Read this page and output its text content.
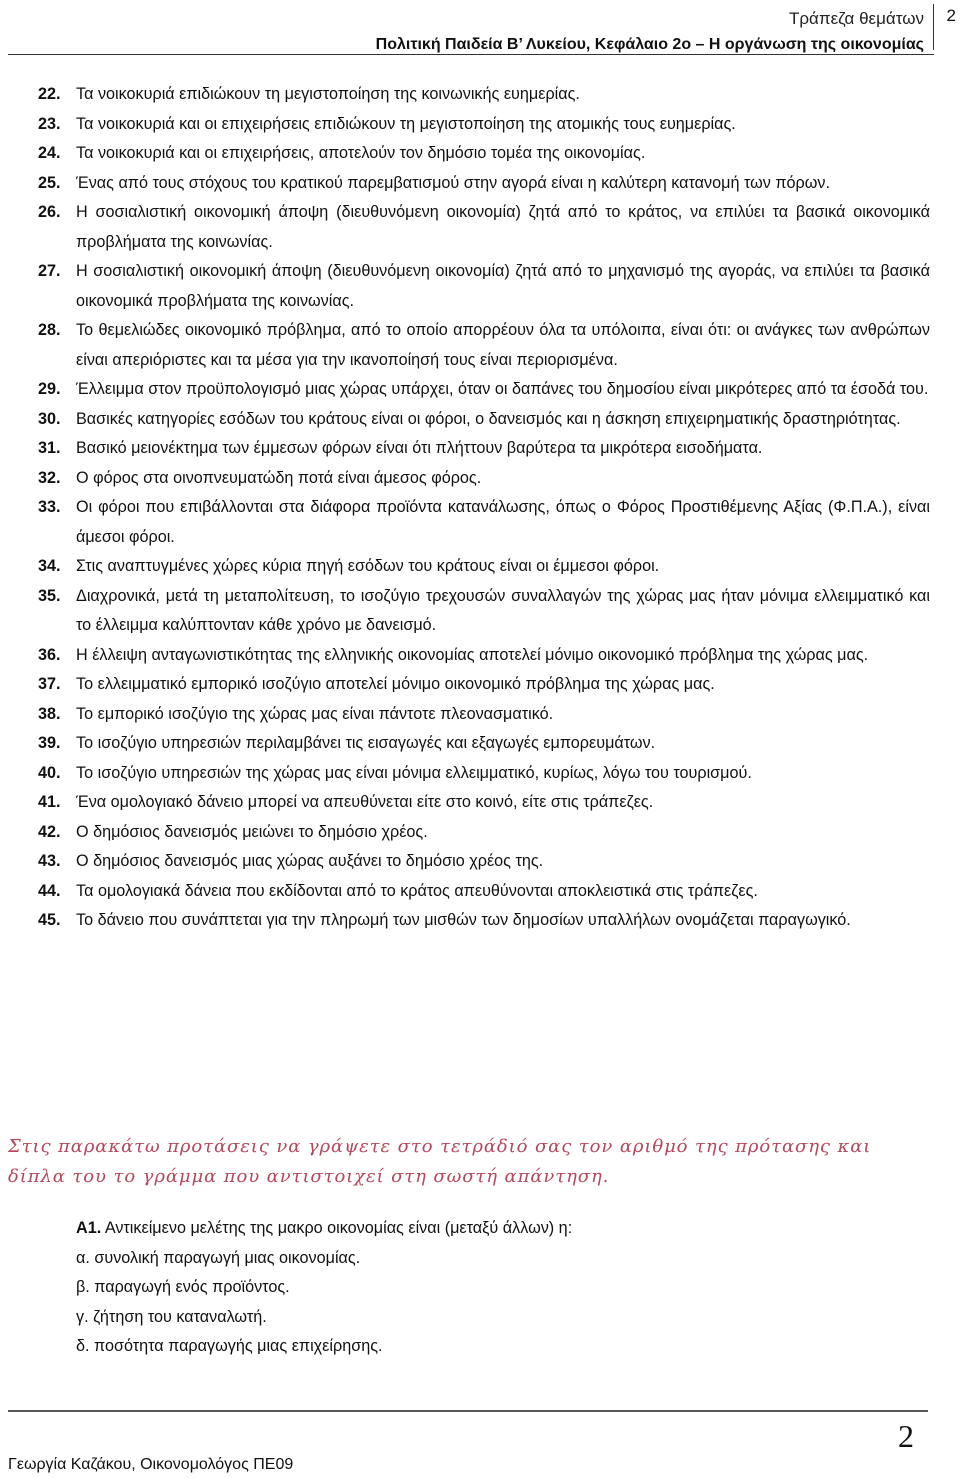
Τράπεζα θεμάτων
Πολιτική Παιδεία Β’ Λυκείου, Κεφάλαιο 2ο – Η οργάνωση της οικονομίας
2
22. Τα νοικοκυριά επιδιώκουν τη μεγιστοποίηση της κοινωνικής ευημερίας.
23. Τα νοικοκυριά και οι επιχειρήσεις επιδιώκουν τη μεγιστοποίηση της ατομικής τους ευημερίας.
24. Τα νοικοκυριά και οι επιχειρήσεις, αποτελούν τον δημόσιο τομέα της οικονομίας.
25. Ένας από τους στόχους του κρατικού παρεμβατισμού στην αγορά είναι η καλύτερη κατανομή των πόρων.
26. Η σοσιαλιστική οικονομική άποψη (διευθυνόμενη οικονομία) ζητά από το κράτος, να επιλύει τα βασικά οικονομικά προβλήματα της κοινωνίας.
27. Η σοσιαλιστική οικονομική άποψη (διευθυνόμενη οικονομία) ζητά από το μηχανισμό της αγοράς, να επιλύει τα βασικά οικονομικά προβλήματα της κοινωνίας.
28. Το θεμελιώδες οικονομικό πρόβλημα, από το οποίο απορρέουν όλα τα υπόλοιπα, είναι ότι: οι ανάγκες των ανθρώπων είναι απεριόριστες και τα μέσα για την ικανοποίησή τους είναι περιορισμένα.
29. Έλλειμμα στον προϋπολογισμό μιας χώρας υπάρχει, όταν οι δαπάνες του δημοσίου είναι μικρότερες από τα έσοδά του.
30. Βασικές κατηγορίες εσόδων του κράτους είναι οι φόροι, ο δανεισμός και η άσκηση επιχειρηματικής δραστηριότητας.
31. Βασικό μειονέκτημα των έμμεσων φόρων είναι ότι πλήττουν βαρύτερα τα μικρότερα εισοδήματα.
32. Ο φόρος στα οινοπνευματώδη ποτά είναι άμεσος φόρος.
33. Οι φόροι που επιβάλλονται στα διάφορα προϊόντα κατανάλωσης, όπως ο Φόρος Προστιθέμενης Αξίας (Φ.Π.Α.), είναι άμεσοι φόροι.
34. Στις αναπτυγμένες χώρες κύρια πηγή εσόδων του κράτους είναι οι έμμεσοι φόροι.
35. Διαχρονικά, μετά τη μεταπολίτευση, το ισοζύγιο τρεχουσών συναλλαγών της χώρας μας ήταν μόνιμα ελλειμματικό και το έλλειμμα καλύπτονταν κάθε χρόνο με δανεισμό.
36. Η έλλειψη ανταγωνιστικότητας της ελληνικής οικονομίας αποτελεί μόνιμο οικονομικό πρόβλημα της χώρας μας.
37. Το ελλειμματικό εμπορικό ισοζύγιο αποτελεί μόνιμο οικονομικό πρόβλημα της χώρας μας.
38. Το εμπορικό ισοζύγιο της χώρας μας είναι πάντοτε πλεονασματικό.
39. Το ισοζύγιο υπηρεσιών περιλαμβάνει τις εισαγωγές και εξαγωγές εμπορευμάτων.
40. Το ισοζύγιο υπηρεσιών της χώρας μας είναι μόνιμα ελλειμματικό, κυρίως, λόγω του τουρισμού.
41. Ένα ομολογιακό δάνειο μπορεί να απευθύνεται είτε στο κοινό, είτε στις τράπεζες.
42. Ο δημόσιος δανεισμός μειώνει το δημόσιο χρέος.
43. Ο δημόσιος δανεισμός μιας χώρας αυξάνει το δημόσιο χρέος της.
44. Τα ομολογιακά δάνεια που εκδίδονται από το κράτος απευθύνονται αποκλειστικά στις τράπεζες.
45. Το δάνειο που συνάπτεται για την πληρωμή των μισθών των δημοσίων υπαλλήλων ονομάζεται παραγωγικό.
Στις παρακάτω προτάσεις να γράψετε στο τετράδιό σας τον αριθμό της πρότασης και δίπλα του το γράμμα που αντιστοιχεί στη σωστή απάντηση.
Α1. Αντικείμενο μελέτης της μακρο οικονομίας είναι (μεταξύ άλλων) η:
α. συνολική παραγωγή μιας οικονομίας.
β. παραγωγή ενός προϊόντος.
γ. ζήτηση του καταναλωτή.
δ. ποσότητα παραγωγής μιας επιχείρησης.
2
Γεωργία Καζάκου, Οικονομολόγος ΠΕ09
